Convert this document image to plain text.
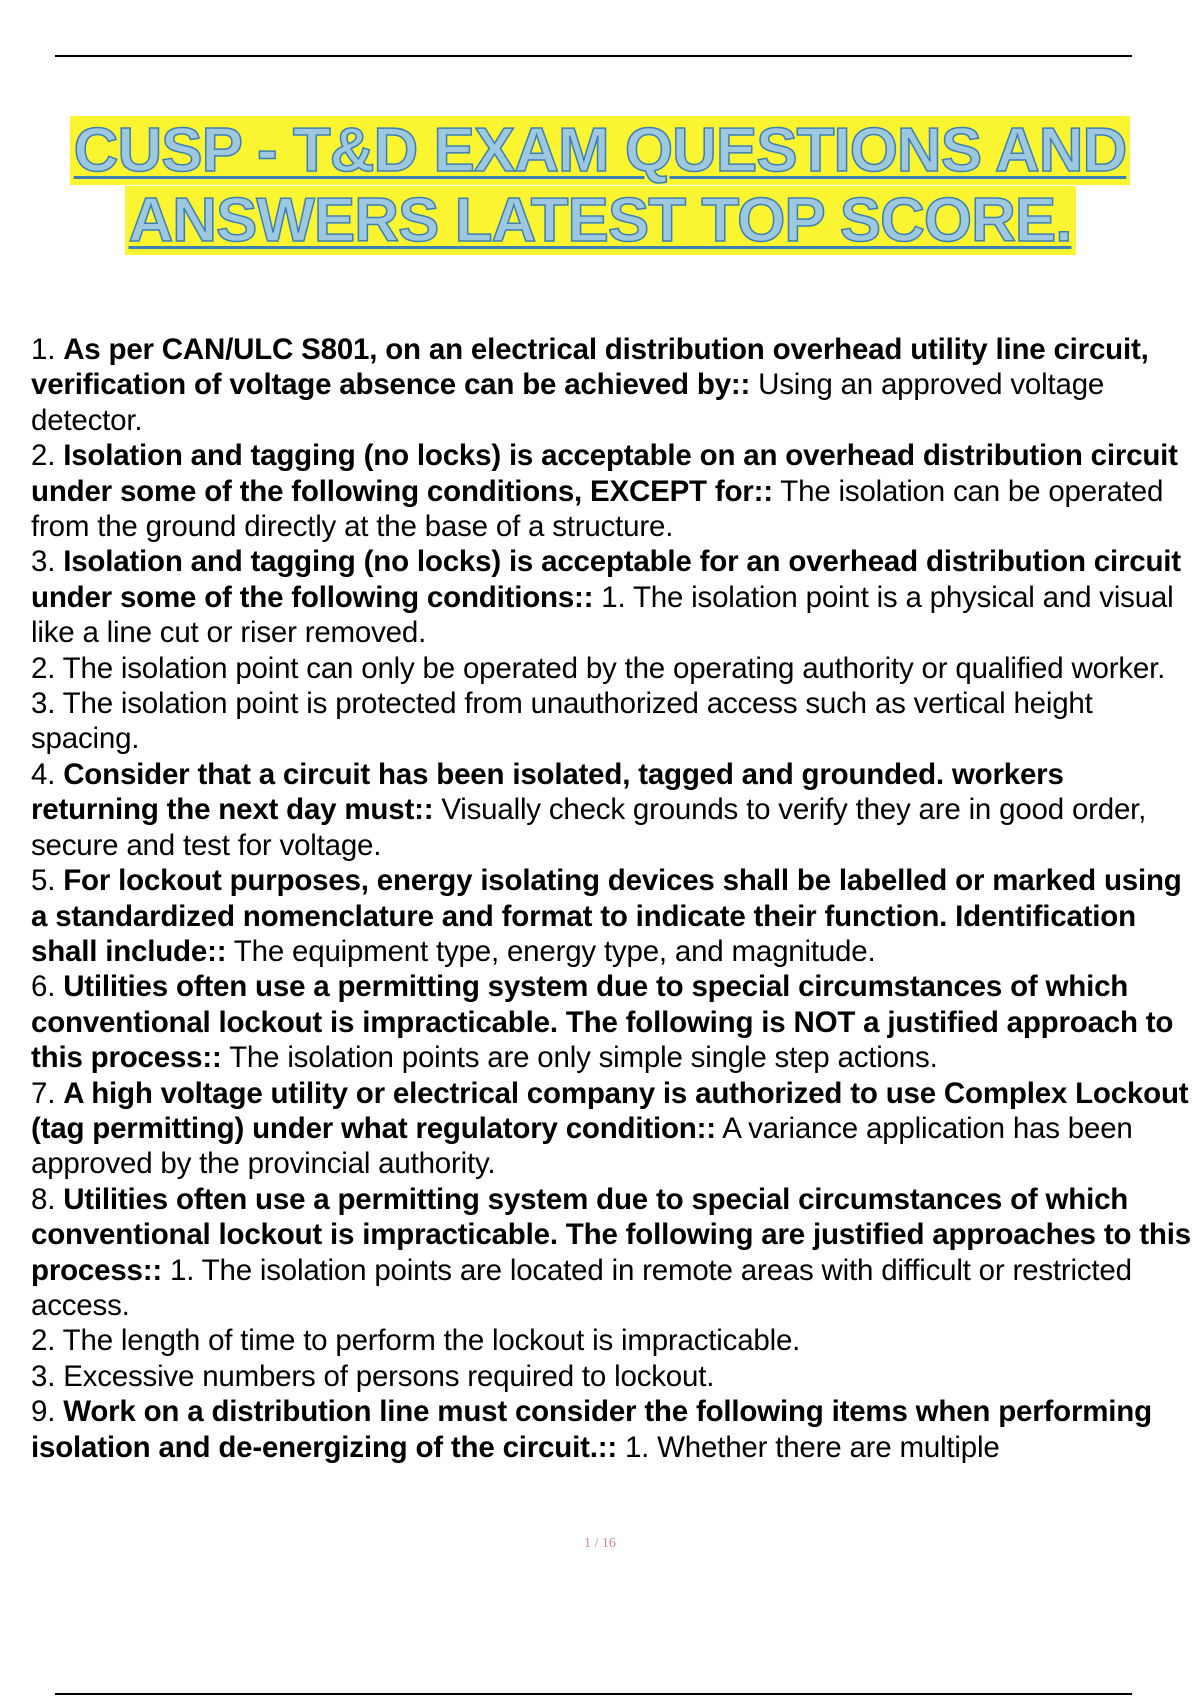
CUSP - T&D EXAM QUESTIONS AND
ANSWERS LATEST TOP SCORE.

1. As per CAN/ULC S801, on an electrical distribution overhead utility line circuit, verification of voltage absence can be achieved by:: Using an approved voltage detector.

2. Isolation and tagging (no locks) is acceptable on an overhead distribution circuit under some of the following conditions, EXCEPT for:: The isolation can be operated from the ground directly at the base of a structure.

3. Isolation and tagging (no locks) is acceptable for an overhead distribution circuit under some of the following conditions:: 1. The isolation point is a physical and visual like a line cut or riser removed.

2. The isolation point can only be operated by the operating authority or qualified worker.

3. The isolation point is protected from unauthorized access such as vertical height spacing.

4. Consider that a circuit has been isolated, tagged and grounded. workers returning the next day must:: Visually check grounds to verify they are in good order, secure and test for voltage.

5. For lockout purposes, energy isolating devices shall be labelled or marked using a standardized nomenclature and format to indicate their function. Identification shall include:: The equipment type, energy type, and magnitude.

6. Utilities often use a permitting system due to special circumstances of which conventional lockout is impracticable. The following is NOT a justified approach to this process:: The isolation points are only simple single step actions.

7. A high voltage utility or electrical company is authorized to use Complex Lockout (tag permitting) under what regulatory condition:: A variance application has been approved by the provincial authority.

8. Utilities often use a permitting system due to special circumstances of which conventional lockout is impracticable. The following are justified approaches to this process:: 1. The isolation points are located in remote areas with difficult or restricted access.

2. The length of time to perform the lockout is impracticable.

3. Excessive numbers of persons required to lockout.

9. Work on a distribution line must consider the following items when performing isolation and de-energizing of the circuit.:: 1. Whether there are multiple

1 / 16
